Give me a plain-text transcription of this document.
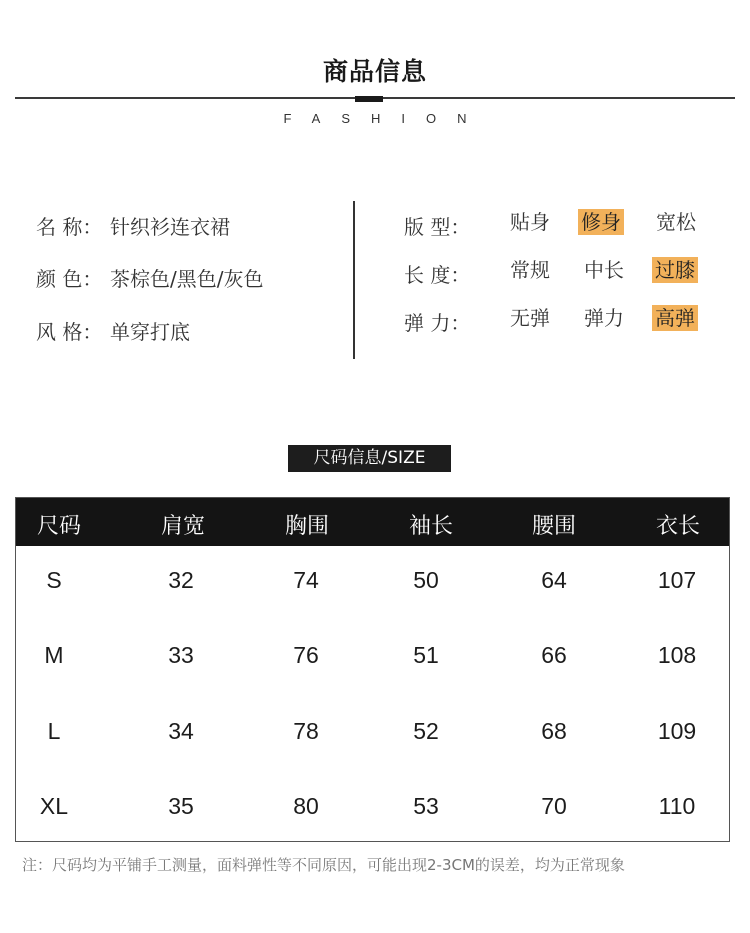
商品信息
FASHION
名 称： 针织衫连衣裙
颜 色： 茶棕色/黑色/灰色
风 格： 单穿打底
版 型：	贴身 修身 宽松
长 度：	常规 中长 过膝
弹 力：	无弹 弹力 高弹
尺码信息/SIZE
尺码	肩宽	胸围	袖长	腰围	衣长
S	32	74	50	64	107
M	33	76	51	66	108
L	34	78	52	68	109
XL	35	80	53	70	110
注：尺码均为平铺手工测量，面料弹性等不同原因，可能出现2-3CM的误差，均为正常现象
